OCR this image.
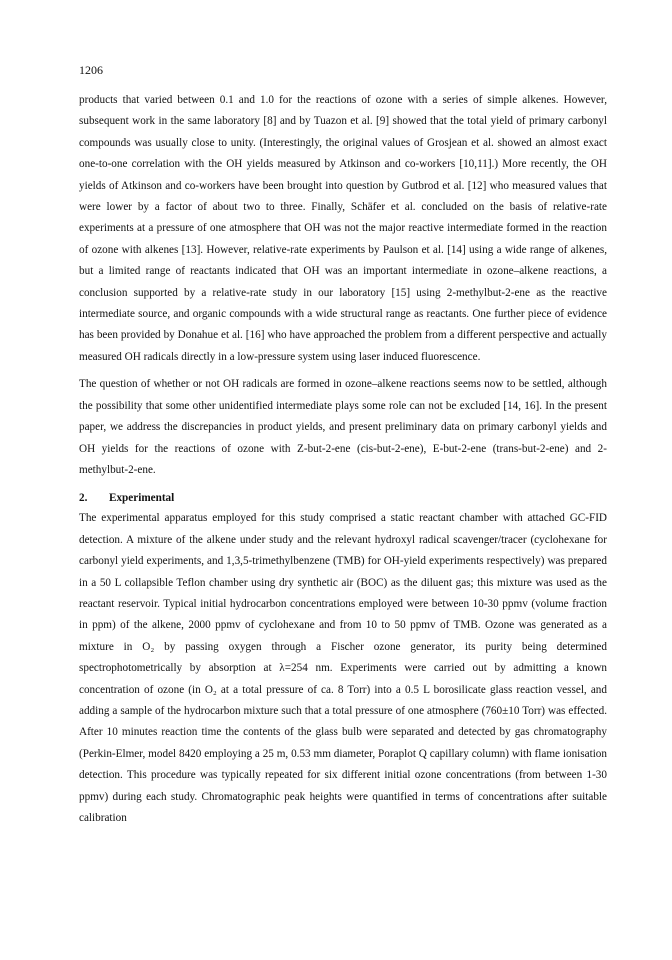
1206

products that varied between 0.1 and 1.0 for the reactions of ozone with a series of simple alkenes. However, subsequent work in the same laboratory [8] and by Tuazon et al. [9] showed that the total yield of primary carbonyl compounds was usually close to unity. (Interestingly, the original values of Grosjean et al. showed an almost exact one-to-one correlation with the OH yields measured by Atkinson and co-workers [10,11].) More recently, the OH yields of Atkinson and co-workers have been brought into question by Gutbrod et al. [12] who measured values that were lower by a factor of about two to three. Finally, Schäfer et al. concluded on the basis of relative-rate experiments at a pressure of one atmosphere that OH was not the major reactive intermediate formed in the reaction of ozone with alkenes [13]. However, relative-rate experiments by Paulson et al. [14] using a wide range of alkenes, but a limited range of reactants indicated that OH was an important intermediate in ozone–alkene reactions, a conclusion supported by a relative-rate study in our laboratory [15] using 2-methylbut-2-ene as the reactive intermediate source, and organic compounds with a wide structural range as reactants. One further piece of evidence has been provided by Donahue et al. [16] who have approached the problem from a different perspective and actually measured OH radicals directly in a low-pressure system using laser induced fluorescence.

The question of whether or not OH radicals are formed in ozone–alkene reactions seems now to be settled, although the possibility that some other unidentified intermediate plays some role can not be excluded [14, 16]. In the present paper, we address the discrepancies in product yields, and present preliminary data on primary carbonyl yields and OH yields for the reactions of ozone with Z-but-2-ene (cis-but-2-ene), E-but-2-ene (trans-but-2-ene) and 2-methylbut-2-ene.

2. Experimental

The experimental apparatus employed for this study comprised a static reactant chamber with attached GC-FID detection. A mixture of the alkene under study and the relevant hydroxyl radical scavenger/tracer (cyclohexane for carbonyl yield experiments, and 1,3,5-trimethylbenzene (TMB) for OH-yield experiments respectively) was prepared in a 50 L collapsible Teflon chamber using dry synthetic air (BOC) as the diluent gas; this mixture was used as the reactant reservoir. Typical initial hydrocarbon concentrations employed were between 10-30 ppmv (volume fraction in ppm) of the alkene, 2000 ppmv of cyclohexane and from 10 to 50 ppmv of TMB. Ozone was generated as a mixture in O₂ by passing oxygen through a Fischer ozone generator, its purity being determined spectrophotometrically by absorption at λ=254 nm. Experiments were carried out by admitting a known concentration of ozone (in O₂ at a total pressure of ca. 8 Torr) into a 0.5 L borosilicate glass reaction vessel, and adding a sample of the hydrocarbon mixture such that a total pressure of one atmosphere (760±10 Torr) was effected. After 10 minutes reaction time the contents of the glass bulb were separated and detected by gas chromatography (Perkin-Elmer, model 8420 employing a 25 m, 0.53 mm diameter, Poraplot Q capillary column) with flame ionisation detection. This procedure was typically repeated for six different initial ozone concentrations (from between 1-30 ppmv) during each study. Chromatographic peak heights were quantified in terms of concentrations after suitable calibration
